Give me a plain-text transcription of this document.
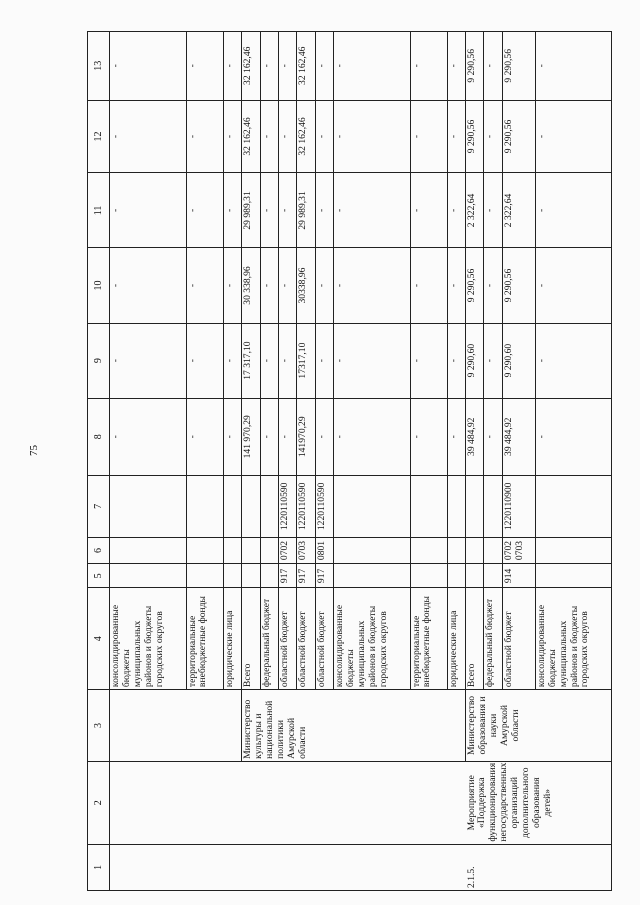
75
1	2	3	4	5	6	7	8	9	10	11	12	13
			консолидированные бюджеты муниципальных районов и бюджеты городских округов				-	-	-	-	-	-
			территориальные внебюджетные фонды				-	-	-	-	-	-
			юридические лица				-	-	-	-	-	-
		Министерство культуры и национальной политики Амурской области	Всего				141 970,29	17 317,10	30 338,96	29 989,31	32 162,46	32 162,46
			федеральный бюджет				-	-	-	-	-	-
			областной бюджет	917	0702	1220110590	-	-	-	-	-	-
			областной бюджет	917	0703	1220110590	141970,29	17317,10	30338,96	29 989,31	32 162,46	32 162,46
			областной бюджет	917	0801	1220110590	-	-	-	-	-	-
			консолидированные бюджеты муниципальных районов и бюджеты городских округов				-	-	-	-	-	-
			территориальные внебюджетные фонды				-	-	-	-	-	-
			юридические лица				-	-	-	-	-	-
2.1.5.	Мероприятие «Поддержка функционирования негосударственных организаций дополнительного образования детей»	Министерство образования и науки Амурской области	Всего				39 484,92	9 290,60	9 290,56	2 322,64	9 290,56	9 290,56
			федеральный бюджет				-	-	-	-	-	-
			областной бюджет	914	0702 0703	1220110900	39 484,92	9 290,60	9 290,56	2 322,64	9 290,56	9 290,56
			консолидированные бюджеты муниципальных районов и бюджеты городских округов				-	-	-	-	-	-
